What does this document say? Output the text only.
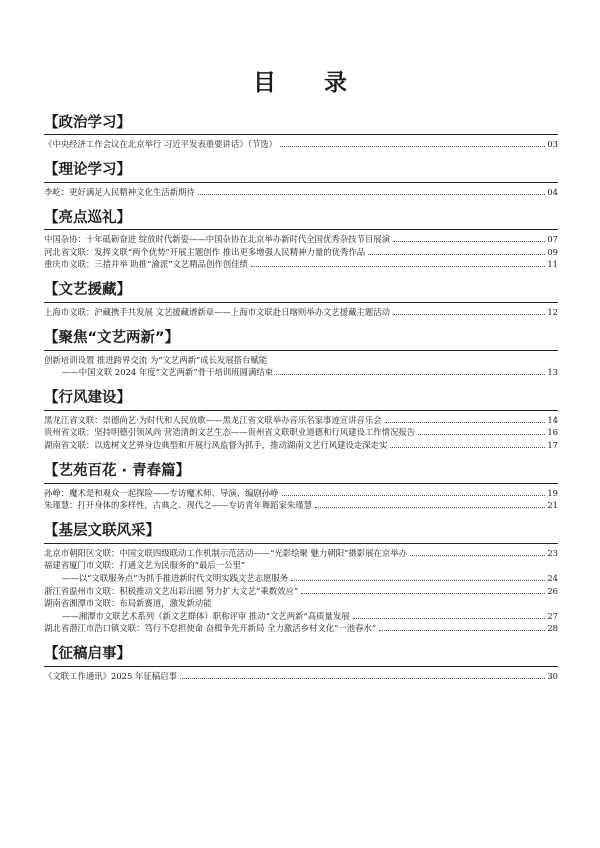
目 录
【 政治学习 】
《中央经济工作会议在北京举行 习近平发表重要讲话》（节选）	03
【 理论学习 】
李屹：更好满足人民精神文化生活新期待	04
【 亮点巡礼 】
中国杂协：十年砥砺奋进 绽放时代新姿——中国杂协在北京举办新时代全国优秀杂技节目展演	07
河北省文联：发挥文联“两个优势”开展主题创作 推出更多增强人民精神力量的优秀作品	09
重庆市文联：三措并举 助推“渝派”文艺精品创作创佳绩	11
【 文艺援藏 】
上海市文联：沪藏携手共发展 文艺援藏谱新章——上海市文联赴日喀则举办文艺援藏主题活动	12
【 聚焦“文艺两新” 】
创新培训设置 推进跨界交流 为“文艺两新”成长发展搭台赋能
——中国文联 2024 年度“文艺两新”骨干培训班圆满结束	13
【 行风建设 】
黑龙江省文联：崇德尚艺·为时代和人民放歌——黑龙江省文联举办音乐名家事迹宣讲音乐会	14
贵州省文联：坚持明德引领风尚 营造清朗文艺生态——贵州省文联职业道德和行风建设工作情况报告	16
湖南省文联：以选树文艺界身边典型和开展行风监督为抓手，推动湖南文艺行风建设走深走实	17
【 艺苑百花 · 青春篇 】
孙峥：魔术是和观众一起探险——专访魔术师、导演、编剧孙峥	19
朱瑾慧：打开身体的多样性，古典之、现代之——专访青年舞蹈家朱瑾慧	21
【 基层文联风采 】
北京市朝阳区文联：中国文联四级联动工作机制示范活动——“光影绘聚 魅力朝阳”摄影展在京举办	23
福建省厦门市文联：打通文艺为民服务的“最后一公里”
——以“文联服务点”为抓手推进新时代文明实践文艺志愿服务	24
浙江省温州市文联：积极推动文艺出彩出圈 努力扩大文艺“乘数效应”	26
湖南省湘潭市文联：布局新赛道，激发新动能
——湘潭市文联艺术系列（新文艺群体）职称评审 推动“文艺两新”高质量发展	27
湖北省潜江市浩口镇文联：笃行不怠担使命 奋楫争先开新局 全力激活乡村文化“一池春水”	28
【 征稿启事 】
《文联工作通讯》2025 年征稿启事	30
